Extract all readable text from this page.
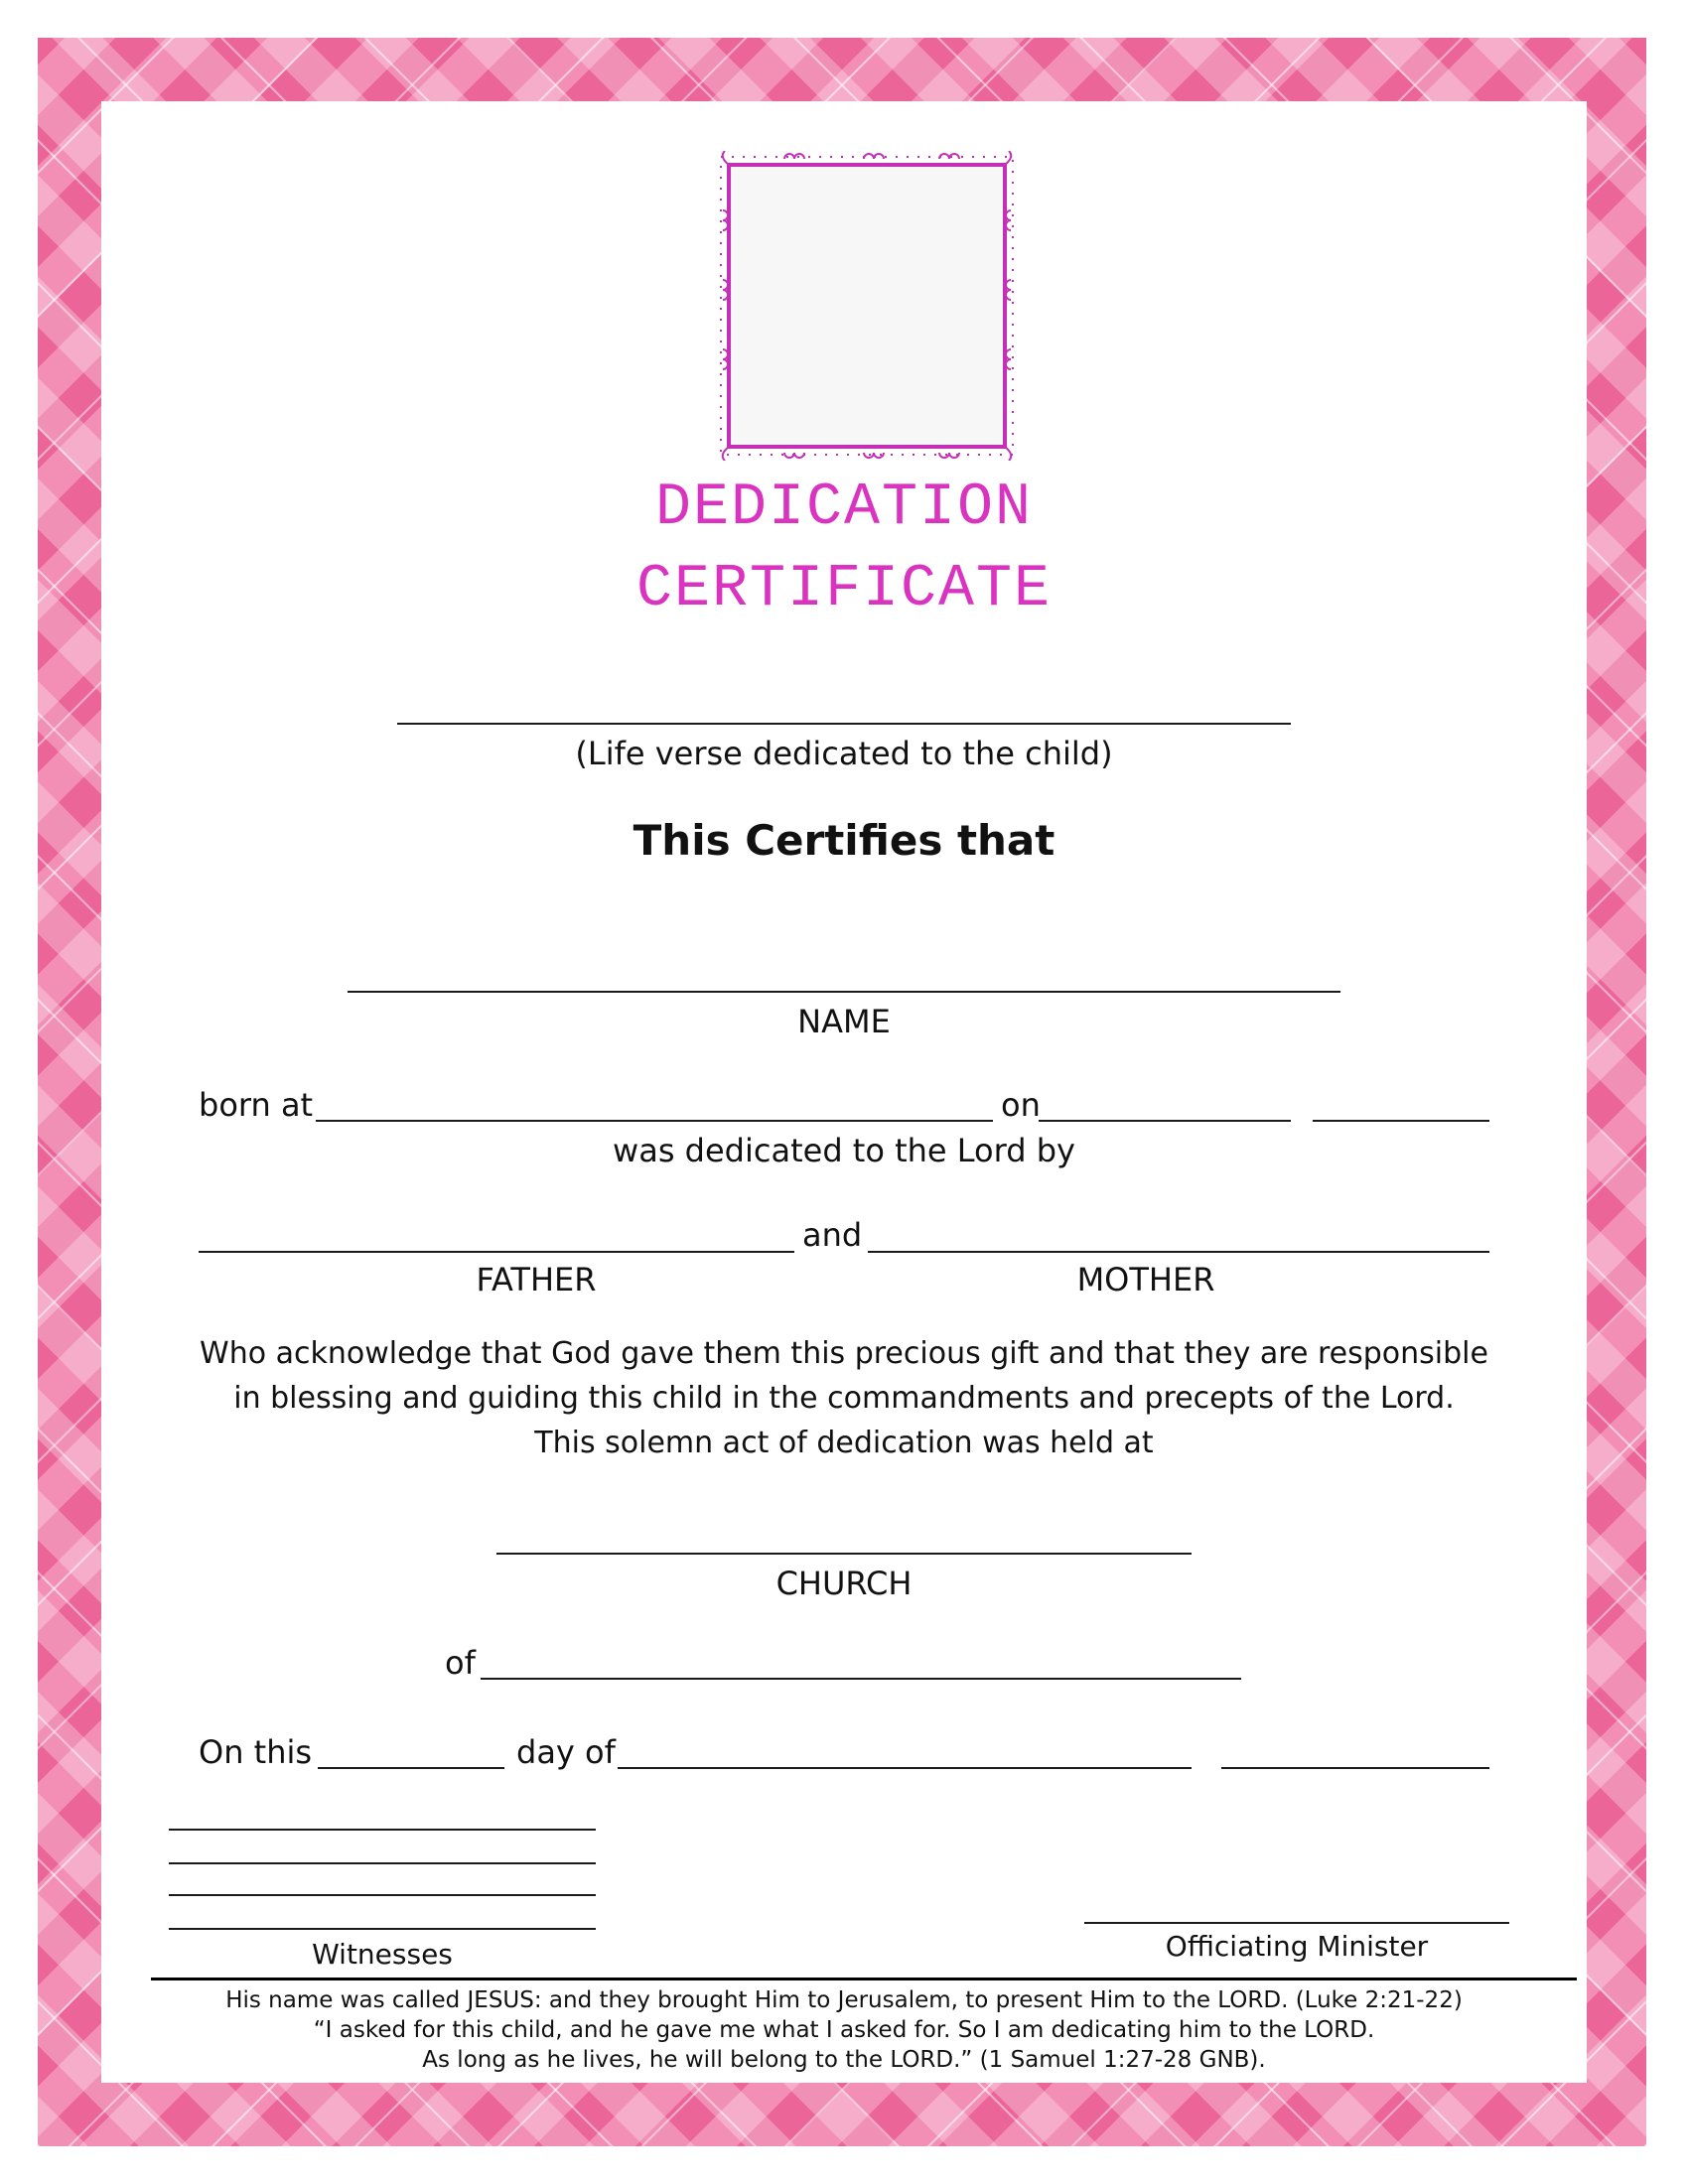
DEDICATION
CERTIFICATE
(Life verse dedicated to the child)
This Certifies that
NAME
born at	on
was dedicated to the Lord by
and
FATHER	MOTHER
Who acknowledge that God gave them this precious gift and that they are responsible
in blessing and guiding this child in the commandments and precepts of the Lord.
This solemn act of dedication was held at
CHURCH
of
On this	day of
Witnesses	Officiating Minister
His name was called JESUS: and they brought Him to Jerusalem, to present Him to the LORD. (Luke 2:21-22)
“I asked for this child, and he gave me what I asked for. So I am dedicating him to the LORD.
As long as he lives, he will belong to the LORD.” (1 Samuel 1:27-28 GNB).
